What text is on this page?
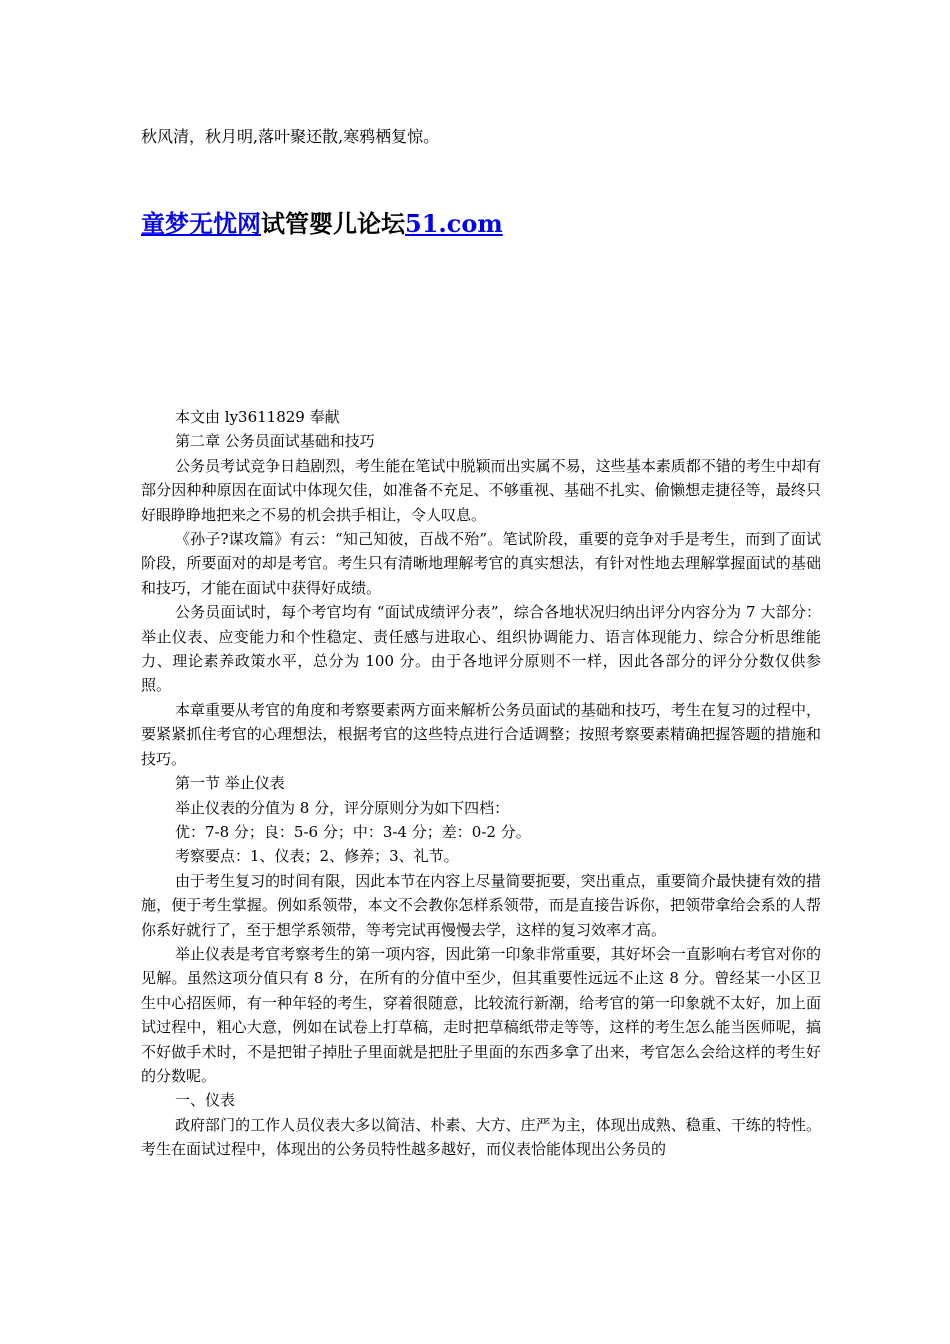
秋风清，秋月明,落叶聚还散,寒鸦栖复惊。
童梦无忧网试管婴儿论坛51.com

本文由 ly3611829 奉献

第二章 公务员面试基础和技巧

公务员考试竞争日趋剧烈，考生能在笔试中脱颖而出实属不易，这些基本素质都不错的考生中却有部分因种种原因在面试中体现欠佳，如准备不充足、不够重视、基础不扎实、偷懒想走捷径等，最终只好眼睁睁地把来之不易的机会拱手相让，令人叹息。

《孙子?谋攻篇》有云：“知己知彼，百战不殆”。笔试阶段，重要的竞争对手是考生，而到了面试阶段，所要面对的却是考官。考生只有清晰地理解考官的真实想法，有针对性地去理解掌握面试的基础和技巧，才能在面试中获得好成绩。

公务员面试时，每个考官均有 “面试成绩评分表”，综合各地状况归纳出评分内容分为 7 大部分：举止仪表、应变能力和个性稳定、责任感与进取心、组织协调能力、语言体现能力、综合分析思维能力、理论素养政策水平，总分为 100 分。由于各地评分原则不一样，因此各部分的评分分数仅供参照。

本章重要从考官的角度和考察要素两方面来解析公务员面试的基础和技巧，考生在复习的过程中，要紧紧抓住考官的心理想法，根据考官的这些特点进行合适调整；按照考察要素精确把握答题的措施和技巧。

第一节 举止仪表

举止仪表的分值为 8 分，评分原则分为如下四档：

优：7-8 分；良：5-6 分；中：3-4 分；差：0-2 分。

考察要点：1、仪表；2、修养；3、礼节。

由于考生复习的时间有限，因此本节在内容上尽量简要扼要，突出重点，重要简介最快捷有效的措施，便于考生掌握。例如系领带，本文不会教你怎样系领带，而是直接告诉你，把领带拿给会系的人帮你系好就行了，至于想学系领带，等考完试再慢慢去学，这样的复习效率才高。

举止仪表是考官考察考生的第一项内容，因此第一印象非常重要，其好坏会一直影响右考官对你的见解。虽然这项分值只有 8 分，在所有的分值中至少，但其重要性远远不止这 8 分。曾经某一小区卫生中心招医师，有一种年轻的考生，穿着很随意，比较流行新潮，给考官的第一印象就不太好，加上面试过程中，粗心大意，例如在试卷上打草稿，走时把草稿纸带走等等，这样的考生怎么能当医师呢，搞不好做手术时，不是把钳子掉肚子里面就是把肚子里面的东西多拿了出来，考官怎么会给这样的考生好的分数呢。

一、仪表

政府部门的工作人员仪表大多以简洁、朴素、大方、庄严为主，体现出成熟、稳重、干练的特性。考生在面试过程中，体现出的公务员特性越多越好，而仪表恰能体现出公务员的
